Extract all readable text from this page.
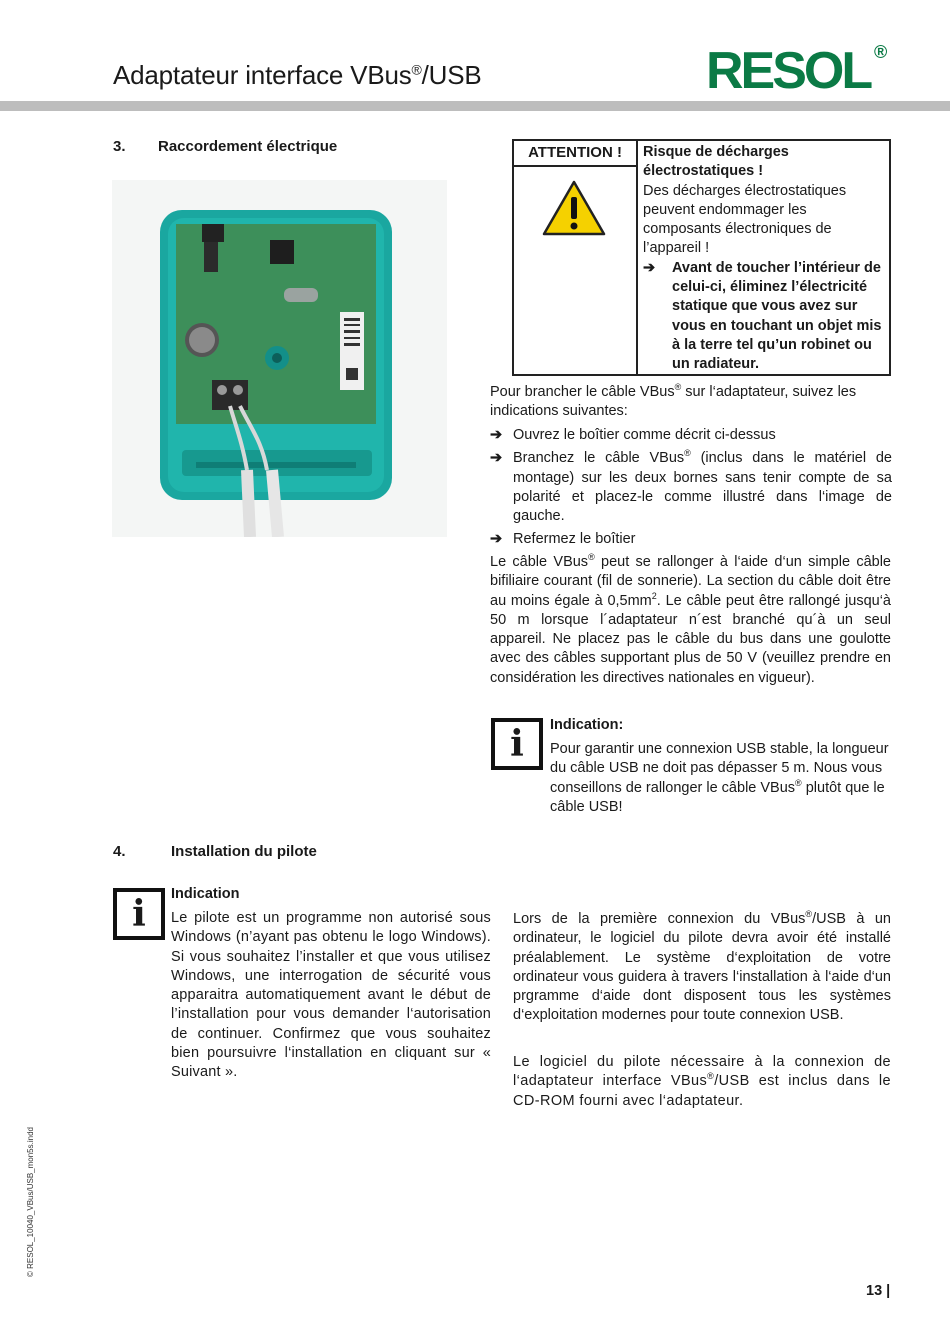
Adaptateur interface VBus®/USB	RESOL ®
3. Raccordement électrique	ATTENTION !	Risque de décharges électrostatiques !
Des décharges électrostatiques peuvent endommager les composants électroniques de l’appareil !
➔ Avant de toucher l’intérieur de celui-ci, éliminez l’électricité statique que vous avez sur vous en touchant un objet mis à la terre tel qu’un robinet ou un radiateur.
Pour brancher le câble VBus® sur l‘adaptateur, suivez les indications suivantes:
➔ Ouvrez le boîtier comme décrit ci-dessus
➔ Branchez le câble VBus® (inclus dans le matériel de montage) sur les deux bornes sans tenir compte de sa polarité et placez-le comme illustré dans l‘image de gauche.
➔ Refermez le boîtier
Le câble VBus® peut se rallonger à l‘aide d‘un simple câble bifiliaire courant (fil de sonnerie). La section du câble doit être au moins égale à $0,5mm^2$. Le câble peut être rallongé jusqu‘à 50 m lorsque l´adaptateur n´est branché qu´à un seul appareil. Ne placez pas le câble du bus dans une goulotte avec des câbles supportant plus de 50 V (veuillez prendre en considération les directives nationales en vigueur).
i Indication:
Pour garantir une connexion USB stable, la longueur du câble USB ne doit pas dépasser 5 m. Nous vous conseillons de rallonger le câble VBus® plutôt que le câble USB!
4.	Installation du pilote
i Indication
Le pilote est un programme non autorisé sous Windows (n’ayant pas obtenu le logo Windows). Si vous souhaitez l’installer et que vous utilisez Windows, une interrogation de sécurité vous apparaitra automatiquement avant le début de l’installation pour vous demander l‘autorisation de continuer. Confirmez que vous souhaitez bien poursuivre l‘installation en cliquant sur « Suivant ».
Lors de la première connexion du VBus®/USB à un ordinateur, le logiciel du pilote devra avoir été installé préalablement. Le système d‘exploitation de votre ordinateur vous guidera à travers l‘installation à l‘aide d‘un prgramme d‘aide dont disposent tous les systèmes d‘exploitation modernes pour toute connexion USB.
Le logiciel du pilote nécessaire à la connexion de l‘adaptateur interface VBus®/USB est inclus dans le CD-ROM fourni avec l‘adaptateur.
13 |
© RESOL_10040_VBus/USB_mon5s.indd
